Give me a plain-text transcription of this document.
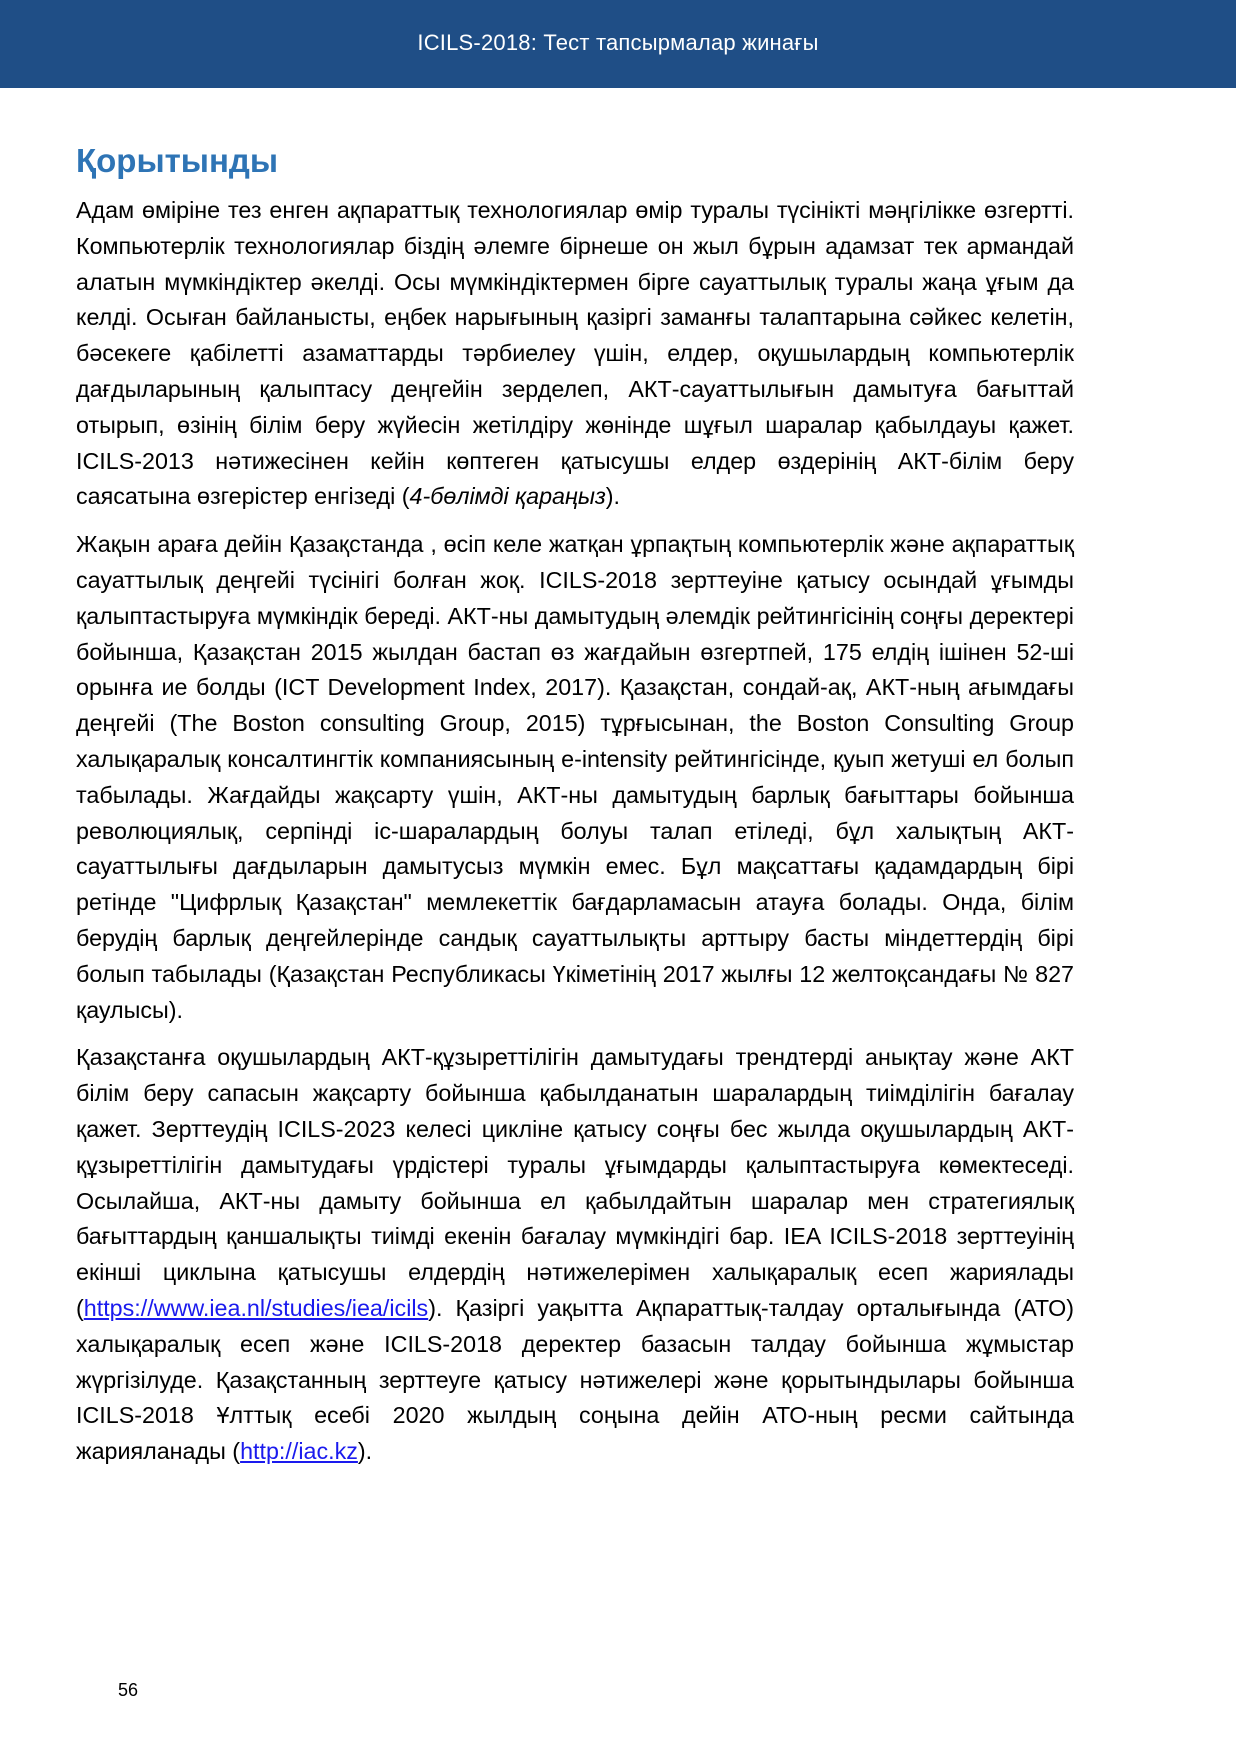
ICILS-2018: Тест тапсырмалар жинағы
Қорытынды

Адам өміріне тез енген ақпараттық технологиялар өмір туралы түсінікті мәңгілікке өзгертті. Компьютерлік технологиялар біздің әлемге бірнеше он жыл бұрын адамзат тек армандай алатын мүмкіндіктер әкелді. Осы мүмкіндіктермен бірге сауаттылық туралы жаңа ұғым да келді. Осыған байланысты, еңбек нарығының қазіргі заманғы талаптарына сәйкес келетін, бәсекеге қабілетті азаматтарды тәрбиелеу үшін, елдер, оқушылардың компьютерлік дағдыларының қалыптасу деңгейін зерделеп, АКТ-сауаттылығын дамытуға бағыттай отырып, өзінің білім беру жүйесін жетілдіру жөнінде шұғыл шаралар қабылдауы қажет. ICILS-2013 нәтижесінен кейін көптеген қатысушы елдер өздерінің АКТ-білім беру саясатына өзгерістер енгізеді (4-бөлімді қараңыз).

Жақын араға дейін Қазақстанда , өсіп келе жатқан ұрпақтың компьютерлік және ақпараттық сауаттылық деңгейі түсінігі болған жоқ. ICILS-2018 зерттеуіне қатысу осындай ұғымды қалыптастыруға мүмкіндік береді. АКТ-ны дамытудың әлемдік рейтингісінің соңғы деректері бойынша, Қазақстан 2015 жылдан бастап өз жағдайын өзгертпей, 175 елдің ішінен 52-ші орынға ие болды (ICT Development Index, 2017). Қазақстан, сондай-ақ, АКТ-ның ағымдағы деңгейі (The Boston consulting Group, 2015) тұрғысынан, the Boston Consulting Group халықаралық консалтингтік компаниясының e-intensity рейтингісінде, қуып жетуші ел болып табылады. Жағдайды жақсарту үшін, АКТ-ны дамытудың барлық бағыттары бойынша революциялық, серпінді іс-шаралардың болуы талап етіледі, бұл халықтың АКТ-сауаттылығы дағдыларын дамытусыз мүмкін емес. Бұл мақсаттағы қадамдардың бірі ретінде "Цифрлық Қазақстан" мемлекеттік бағдарламасын атауға болады. Онда, білім берудің барлық деңгейлерінде сандық сауаттылықты арттыру басты міндеттердің бірі болып табылады (Қазақстан Республикасы Үкіметінің 2017 жылғы 12 желтоқсандағы № 827 қаулысы).

Қазақстанға оқушылардың АКТ-құзыреттілігін дамытудағы трендтерді анықтау және АКТ білім беру сапасын жақсарту бойынша қабылданатын шаралардың тиімділігін бағалау қажет. Зерттеудің ICILS-2023 келесі цикліне қатысу соңғы бес жылда оқушылардың АКТ-құзыреттілігін дамытудағы үрдістері туралы ұғымдарды қалыптастыруға көмектеседі. Осылайша, АКТ-ны дамыту бойынша ел қабылдайтын шаралар мен стратегиялық бағыттардың қаншалықты тиімді екенін бағалау мүмкіндігі бар. IEA ICILS-2018 зерттеуінің екінші циклына қатысушы елдердің нәтижелерімен халықаралық есеп жариялады (https://www.iea.nl/studies/iea/icils). Қазіргі уақытта Ақпараттық-талдау орталығында (АТО) халықаралық есеп және ICILS-2018 деректер базасын талдау бойынша жұмыстар жүргізілуде. Қазақстанның зерттеуге қатысу нәтижелері және қорытындылары бойынша ICILS-2018 Ұлттық есебі 2020 жылдың соңына дейін АТО-ның ресми сайтында жарияланады (http://iac.kz).

56
